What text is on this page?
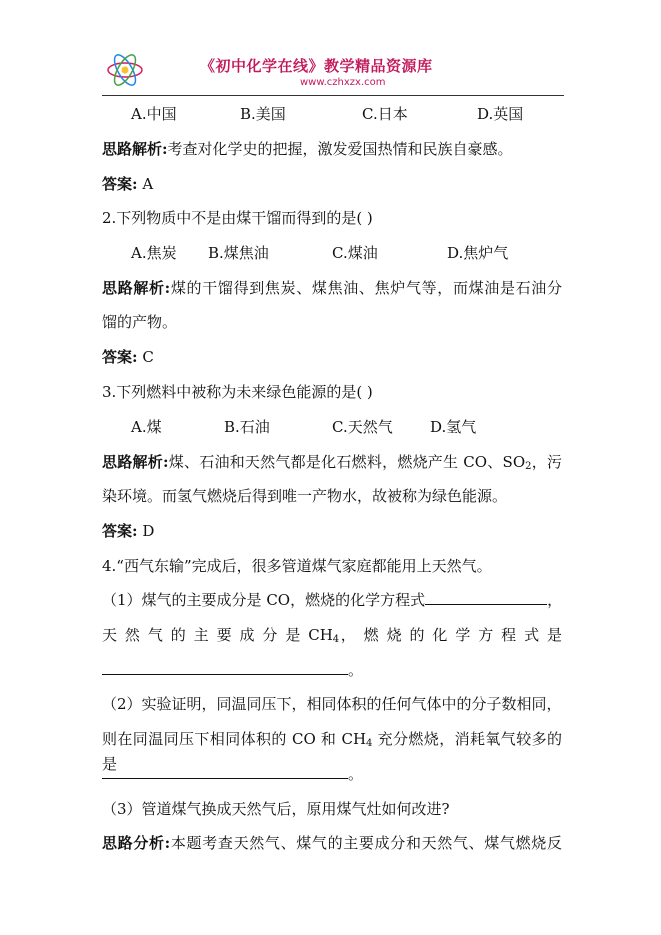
《初中化学在线》教学精品资源库
www.czhxzx.com
A.中国	B.美国	C.日本	D.英国
思路解析:考查对化学史的把握，激发爱国热情和民族自豪感。
答案: A
2.下列物质中不是由煤干馏而得到的是( )
A.焦炭 B.煤焦油	C.煤油	D.焦炉气
思路解析:煤的干馏得到焦炭、煤焦油、焦炉气等，而煤油是石油分
馏的产物。
答案: C
3.下列燃料中被称为未来绿色能源的是( )
A.煤	B.石油	C.天然气 D.氢气
思路解析:煤、石油和天然气都是化石燃料，燃烧产生 CO、$SO_2$，污
染环境。而氢气燃烧后得到唯一产物水，故被称为绿色能源。
答案: D
4.“西气东输”完成后，很多管道煤气家庭都能用上天然气。
（1）煤气的主要成分是 CO，燃烧的化学方程式	，
天 然 气 的 主 要 成 分 是 $CH_4$， 燃 烧 的 化 学 方 程 式 是
。
（2）实验证明，同温同压下，相同体积的任何气体中的分子数相同，
则在同温同压下相同体积的 CO 和 $CH_4$ 充分燃烧，消耗氧气较多的是
。
（3）管道煤气换成天然气后，原用煤气灶如何改进?
思路分析:本题考查天然气、煤气的主要成分和天然气、煤气燃烧反
